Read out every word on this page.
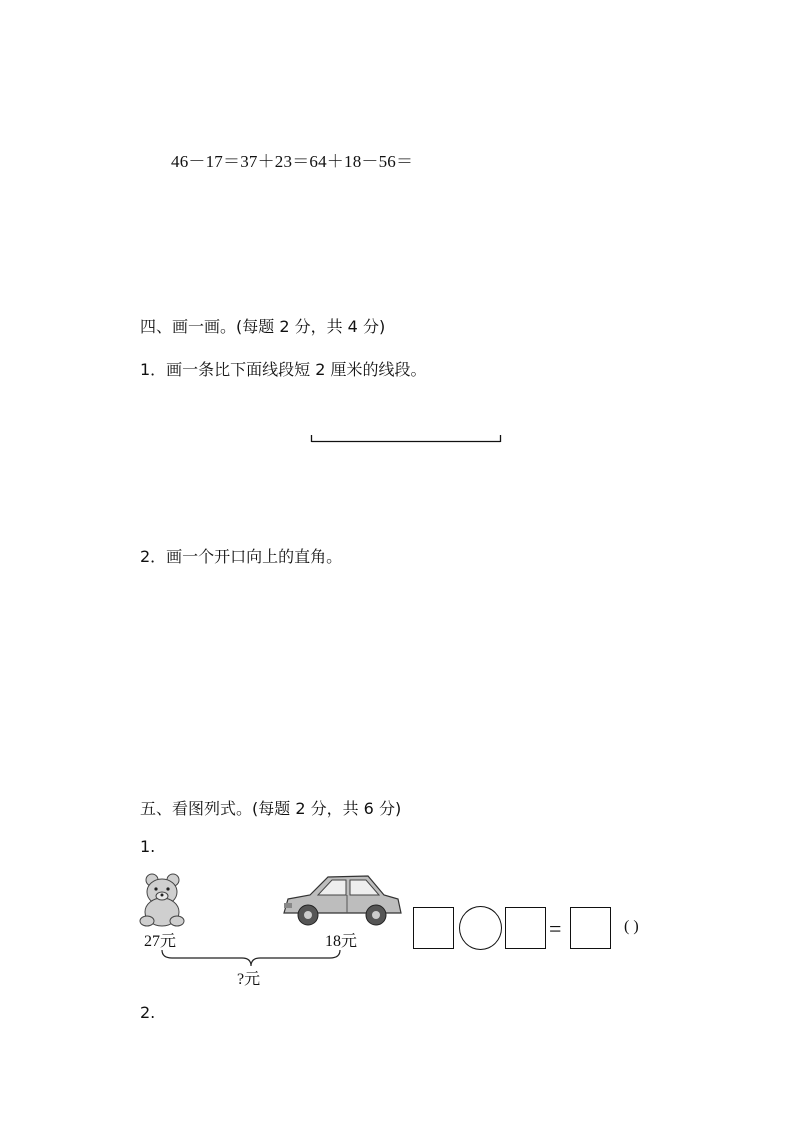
46－17＝37＋23＝64＋18－56＝
四、画一画。(每题 2 分，共 4 分)
1．画一条比下面线段短 2 厘米的线段。
2．画一个开口向上的直角。
五、看图列式。(每题 2 分，共 6 分)
1.
27元	18元
?元
=	( )
2.
